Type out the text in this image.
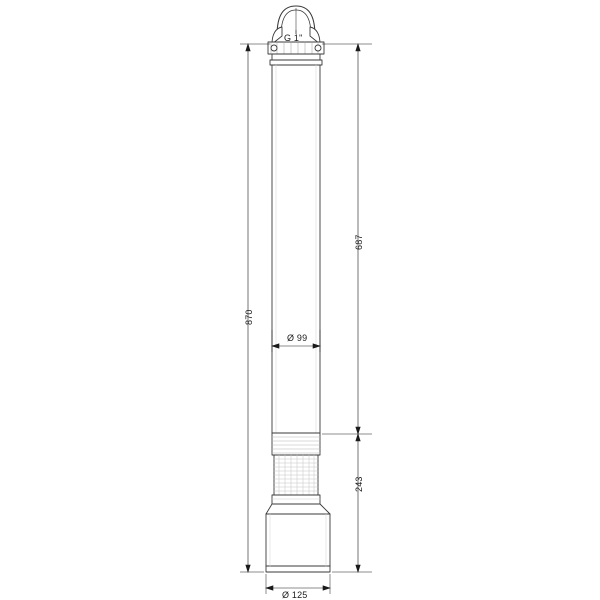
G 1"
870
687
243
Ø 99
Ø 125
